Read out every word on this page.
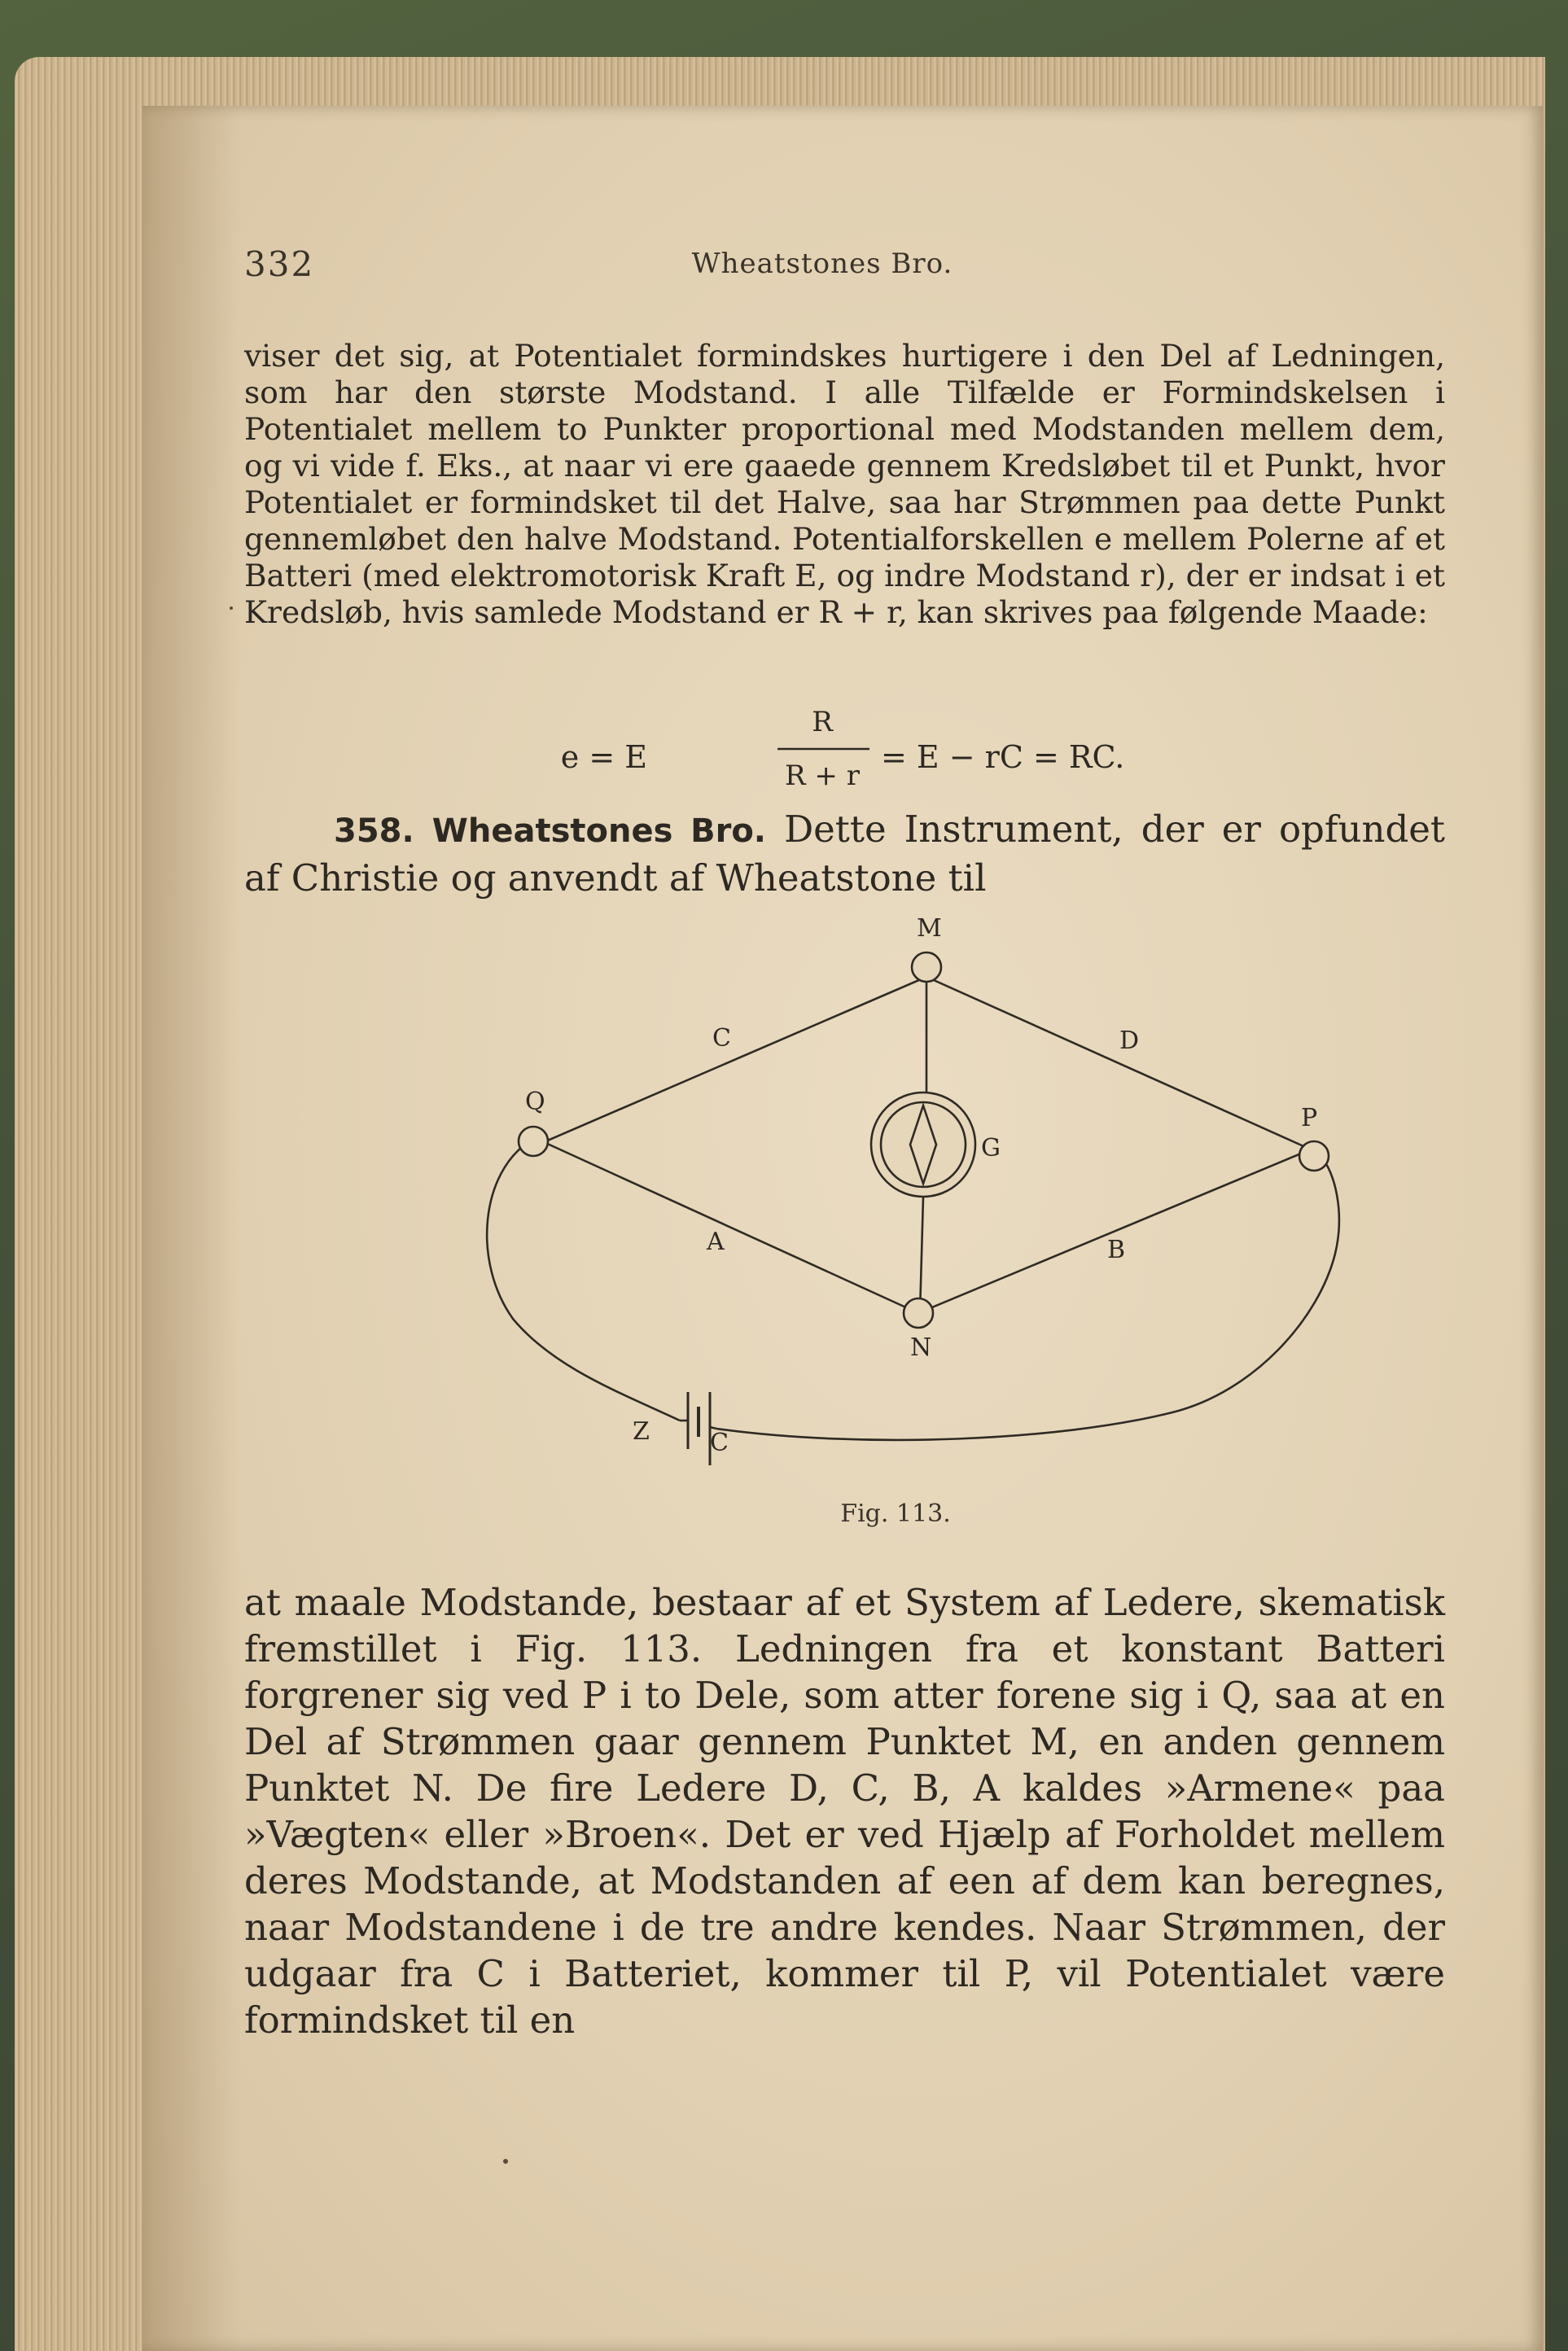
332	Wheatstones Bro.

viser det sig, at Potentialet formindskes hurtigere i den Del af Ledningen, som har den største Modstand. I alle Tilfælde er Formindskelsen i Potentialet mellem to Punkter proportional med Modstanden mellem dem, og vi vide f. Eks., at naar vi ere gaaede gennem Kredsløbet til et Punkt, hvor Potentialet er formindsket til det Halve, saa har Strømmen paa dette Punkt gennemløbet den halve Modstand. Potentialforskellen e mellem Polerne af et Batteri (med elektromotorisk Kraft E, og indre Modstand r), der er indsat i et Kredsløb, hvis samlede Modstand er R + r, kan skrives paa følgende Maade:

e = E
R
R + r
= E − rC = RC.
358. Wheatstones Bro. Dette Instrument, der er opfundet af Christie og anvendt af Wheatstone til
M
Q
P
N
C	D
A	B
G
Z C
Fig. 113.

at maale Modstande, bestaar af et System af Ledere, skematisk fremstillet i Fig. 113. Ledningen fra et konstant Batteri forgrener sig ved P i to Dele, som atter forene sig i Q, saa at en Del af Strømmen gaar gennem Punktet M, en anden gennem Punktet N. De fire Ledere D, C, B, A kaldes »Armene« paa »Vægten« eller »Broen«. Det er ved Hjælp af Forholdet mellem deres Modstande, at Modstanden af een af dem kan beregnes, naar Modstandene i de tre andre kendes. Naar Strømmen, der udgaar fra C i Batteriet, kommer til P, vil Potentialet være formindsket til en
